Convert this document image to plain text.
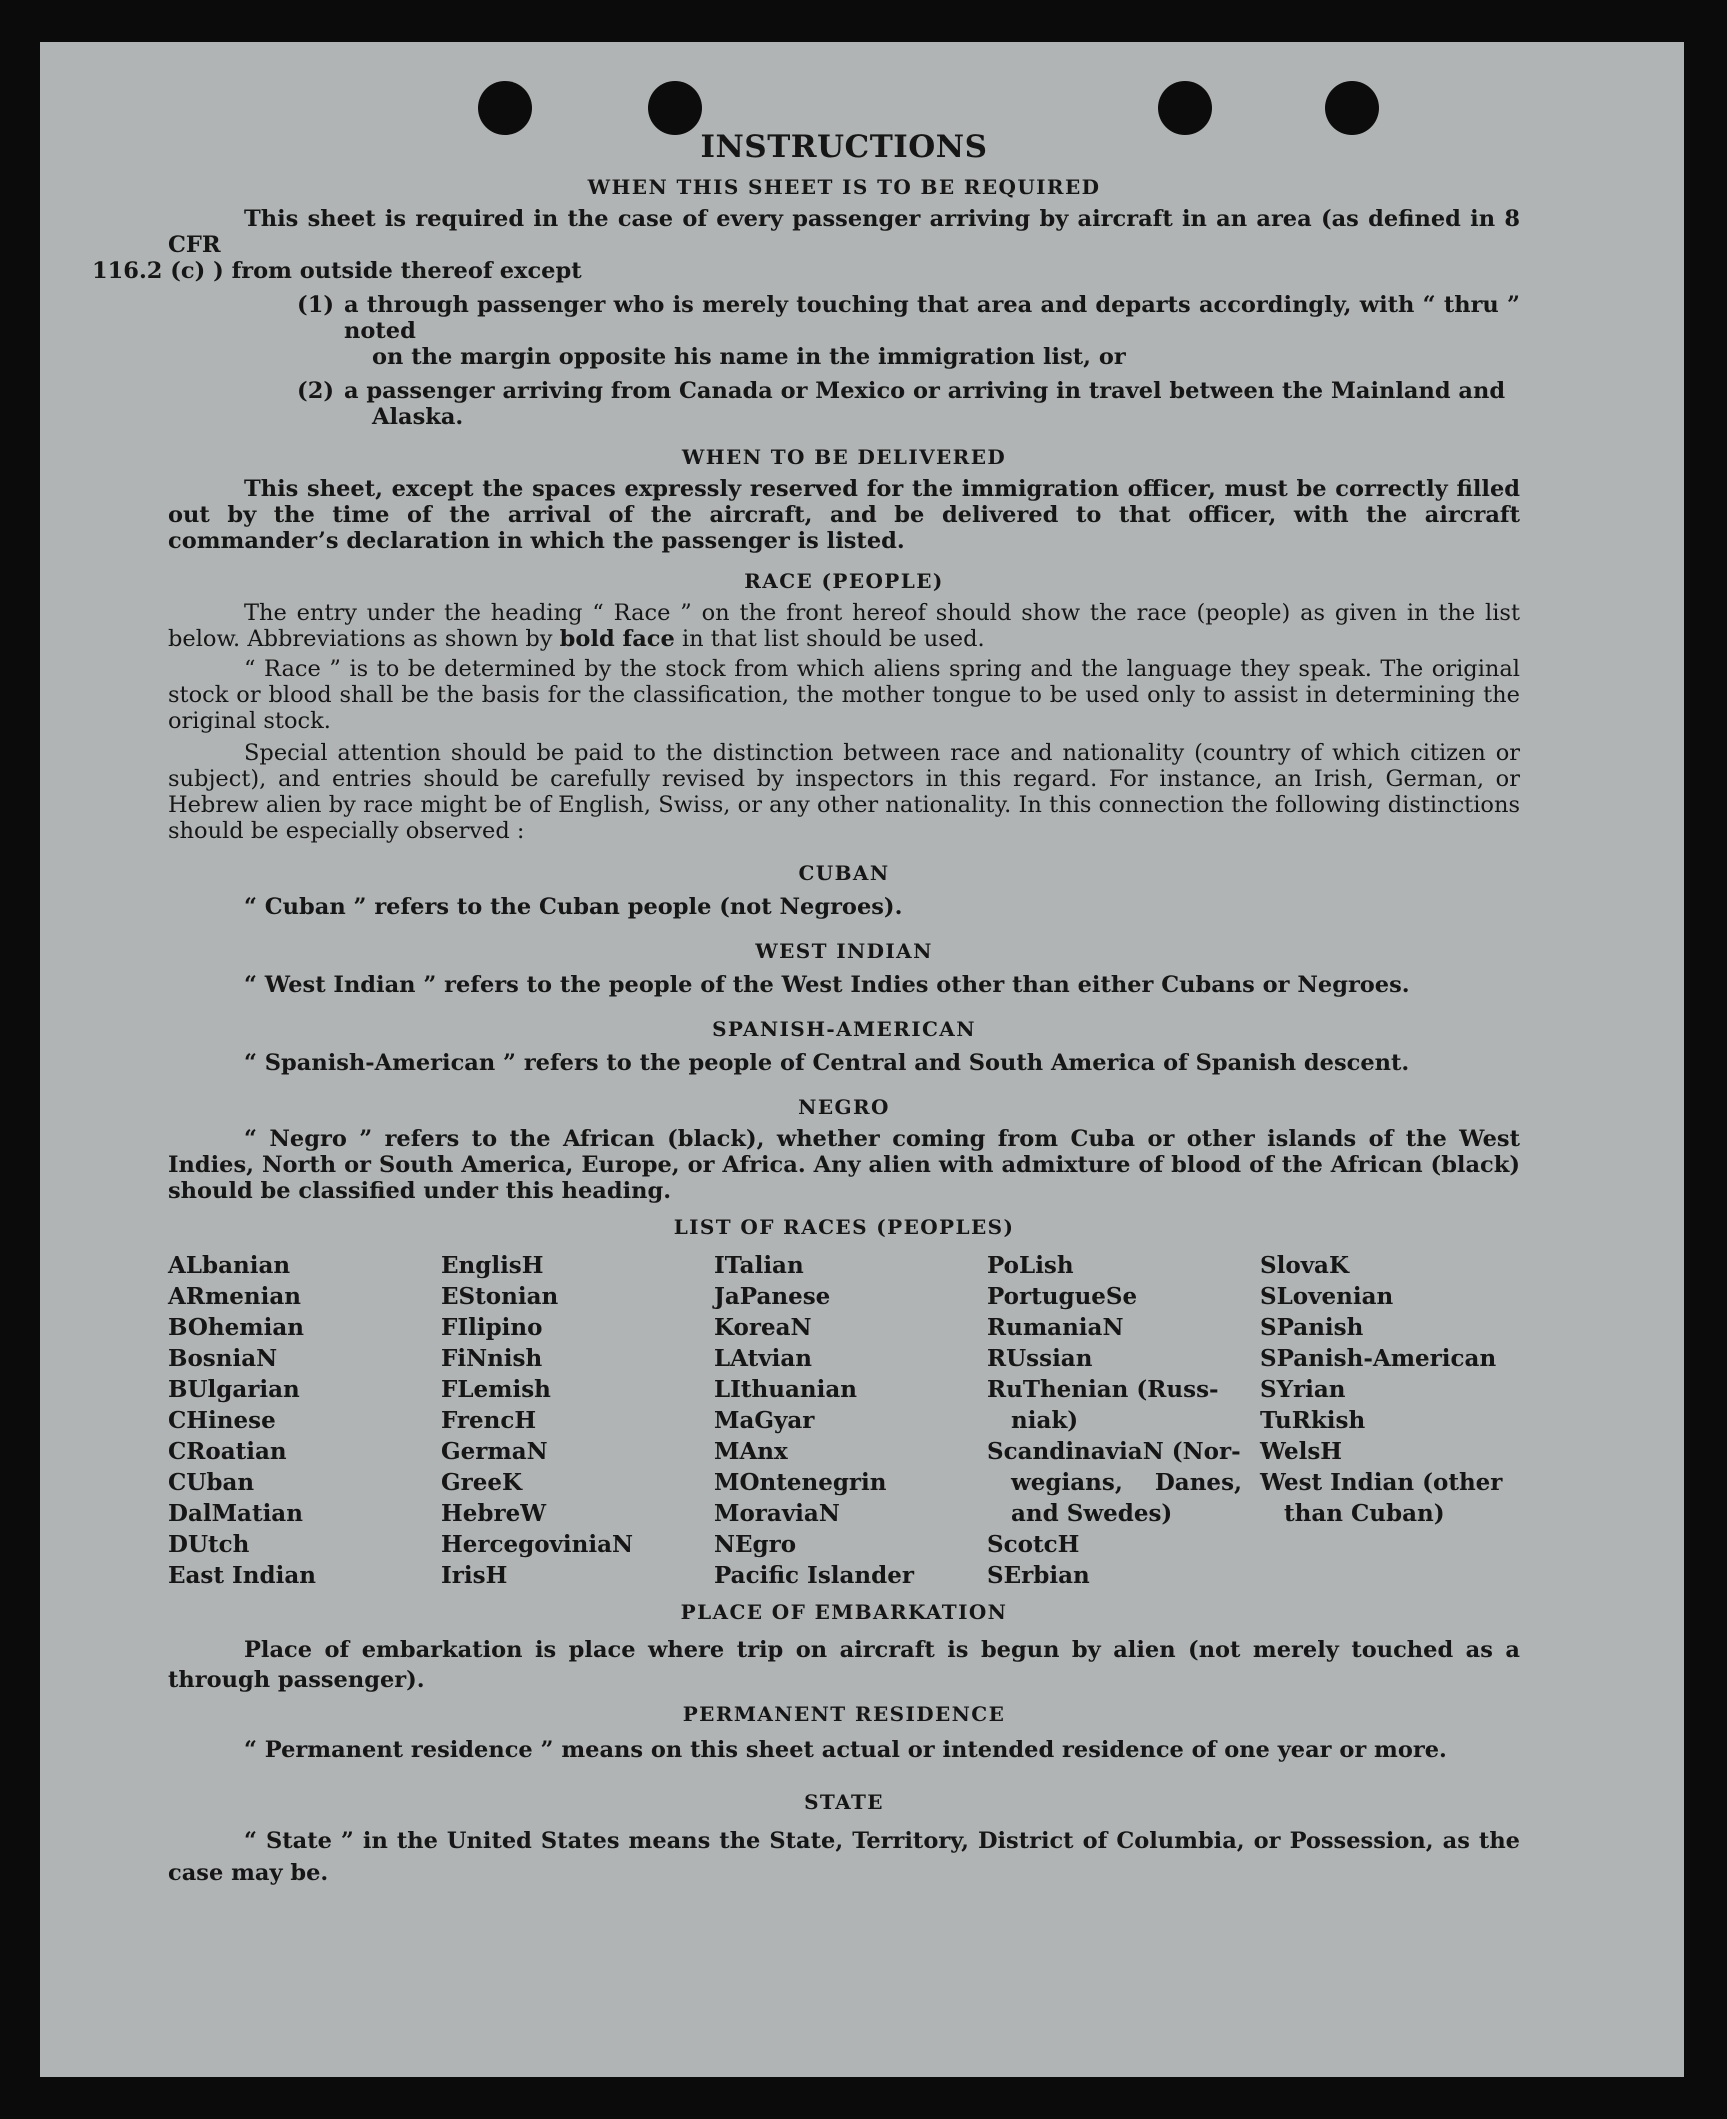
INSTRUCTIONS
WHEN THIS SHEET IS TO BE REQUIRED

This sheet is required in the case of every passenger arriving by aircraft in an area (as defined in 8 CFR
116.2 (c) ) from outside thereof except

(1) a through passenger who is merely touching that area and departs accordingly, with “ thru ” noted
on the margin opposite his name in the immigration list, or
(2) a passenger arriving from Canada or Mexico or arriving in travel between the Mainland and
Alaska.
WHEN TO BE DELIVERED

This sheet, except the spaces expressly reserved for the immigration officer, must be correctly filled out by the time of the arrival of the aircraft, and be delivered to that officer, with the aircraft commander’s declaration in which the passenger is listed.

RACE (PEOPLE)

The entry under the heading “ Race ” on the front hereof should show the race (people) as given in the list below. Abbreviations as shown by bold face in that list should be used.

“ Race ” is to be determined by the stock from which aliens spring and the language they speak. The original stock or blood shall be the basis for the classification, the mother tongue to be used only to assist in determining the original stock.

Special attention should be paid to the distinction between race and nationality (country of which citizen or subject), and entries should be carefully revised by inspectors in this regard. For instance, an Irish, German, or Hebrew alien by race might be of English, Swiss, or any other nationality. In this connection the following distinctions should be especially observed :

CUBAN

“ Cuban ” refers to the Cuban people (not Negroes).

WEST INDIAN

“ West Indian ” refers to the people of the West Indies other than either Cubans or Negroes.

SPANISH-AMERICAN

“ Spanish-American ” refers to the people of Central and South America of Spanish descent.

NEGRO

“ Negro ” refers to the African (black), whether coming from Cuba or other islands of the West Indies, North or South America, Europe, or Africa. Any alien with admixture of blood of the African (black) should be classified under this heading.

LIST OF RACES (PEOPLES)
ALbanian
ARmenian
BOhemian
BosniaN
BUlgarian
CHinese
CRoatian
CUban
DalMatian
DUtch
East Indian
EnglisH
EStonian
FIlipino
FiNnish
FLemish
FrencH
GermaN
GreeK
HebreW
HercegoviniaN
IrisH
ITalian
JaPanese
KoreaN
LAtvian
LIthuanian
MaGyar
MAnx
MOntenegrin
MoraviaN
NEgro
Pacific Islander
PoLish
PortugueSe
RumaniaN
RUssian
RuThenian (Russ-
niak)
ScandinaviaN (Nor-
wegians,    Danes,
and Swedes)
ScotcH
SErbian
SlovaK
SLovenian
SPanish
SPanish-American
SYrian
TuRkish
WelsH
West Indian (other
than Cuban)
PLACE OF EMBARKATION

Place of embarkation is place where trip on aircraft is begun by alien (not merely touched as a through passenger).

PERMANENT RESIDENCE

“ Permanent residence ” means on this sheet actual or intended residence of one year or more.

STATE

“ State ” in the United States means the State, Territory, District of Columbia, or Possession, as the case may be.
